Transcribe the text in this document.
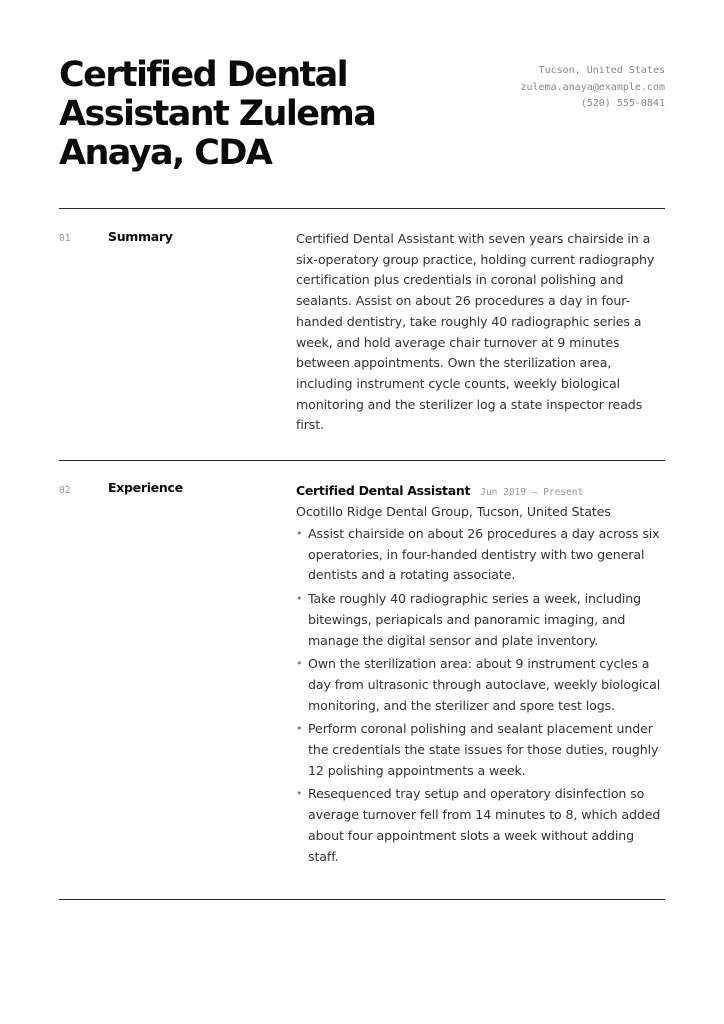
Certified Dental Assistant Zulema Anaya, CDA
Tucson, United States
zulema.anaya@example.com
(520) 555-0841
01	Summary	Certified Dental Assistant with seven years chairside in a six-operatory group practice, holding current radiography certification plus credentials in coronal polishing and sealants. Assist on about 26 procedures a day in four-handed dentistry, take roughly 40 radiographic series a week, and hold average chair turnover at 9 minutes between appointments. Own the sterilization area, including instrument cycle counts, weekly biological monitoring and the sterilizer log a state inspector reads first.

02	Experience	Certified Dental Assistant Jun 2019 — Present
Ocotillo Ridge Dental Group, Tucson, United States
• Assist chairside on about 26 procedures a day across six operatories, in four-handed dentistry with two general dentists and a rotating associate.
• Take roughly 40 radiographic series a week, including bitewings, periapicals and panoramic imaging, and manage the digital sensor and plate inventory.
• Own the sterilization area: about 9 instrument cycles a day from ultrasonic through autoclave, weekly biological monitoring, and the sterilizer and spore test logs.
• Perform coronal polishing and sealant placement under the credentials the state issues for those duties, roughly 12 polishing appointments a week.
• Resequenced tray setup and operatory disinfection so average turnover fell from 14 minutes to 8, which added about four appointment slots a week without adding staff.
